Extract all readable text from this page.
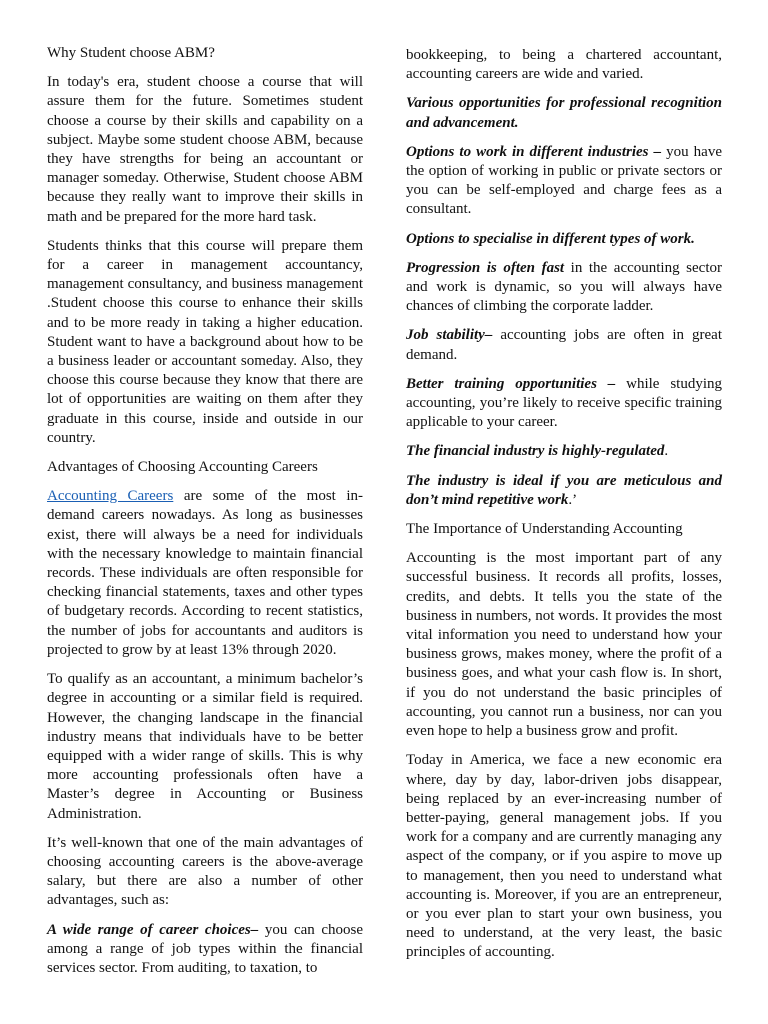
Why Student choose ABM?

In today's era, student choose a course that will assure them for the future. Sometimes student choose a course by their skills and capability on a subject. Maybe some student choose ABM, because they have strengths for being an accountant or manager someday. Otherwise, Student choose ABM because they really want to improve their skills in math and be prepared for the more hard task.

Students thinks that this course will prepare them for a career in management accountancy, management consultancy, and business management .Student choose this course to enhance their skills and to be more ready in taking a higher education. Student want to have a background about how to be a business leader or accountant someday. Also, they choose this course because they know that there are lot of opportunities are waiting on them after they graduate in this course, inside and outside in our country.

Advantages of Choosing Accounting Careers

Accounting Careers are some of the most in-demand careers nowadays. As long as businesses exist, there will always be a need for individuals with the necessary knowledge to maintain financial records. These individuals are often responsible for checking financial statements, taxes and other types of budgetary records. According to recent statistics, the number of jobs for accountants and auditors is projected to grow by at least 13% through 2020.

To qualify as an accountant, a minimum bachelor’s degree in accounting or a similar field is required. However, the changing landscape in the financial industry means that individuals have to be better equipped with a wider range of skills. This is why more accounting professionals often have a Master’s degree in Accounting or Business Administration.

It’s well-known that one of the main advantages of choosing accounting careers is the above-average salary, but there are also a number of other advantages, such as:

A wide range of career choices– you can choose among a range of job types within the financial services sector. From auditing, to taxation, to

bookkeeping, to being a chartered accountant, accounting careers are wide and varied.

Various opportunities for professional recognition and advancement.

Options to work in different industries – you have the option of working in public or private sectors or you can be self-employed and charge fees as a consultant.

Options to specialise in different types of work.

Progression is often fast in the accounting sector and work is dynamic, so you will always have chances of climbing the corporate ladder.

Job stability– accounting jobs are often in great demand.

Better training opportunities – while studying accounting, you’re likely to receive specific training applicable to your career.

The financial industry is highly-regulated.

The industry is ideal if you are meticulous and don’t mind repetitive work.’

The Importance of Understanding Accounting

Accounting is the most important part of any successful business. It records all profits, losses, credits, and debts. It tells you the state of the business in numbers, not words. It provides the most vital information you need to understand how your business grows, makes money, where the profit of a business goes, and what your cash flow is. In short, if you do not understand the basic principles of accounting, you cannot run a business, nor can you even hope to help a business grow and profit.

Today in America, we face a new economic era where, day by day, labor-driven jobs disappear, being replaced by an ever-increasing number of better-paying, general management jobs. If you work for a company and are currently managing any aspect of the company, or if you aspire to move up to management, then you need to understand what accounting is. Moreover, if you are an entrepreneur, or you ever plan to start your own business, you need to understand, at the very least, the basic principles of accounting.
